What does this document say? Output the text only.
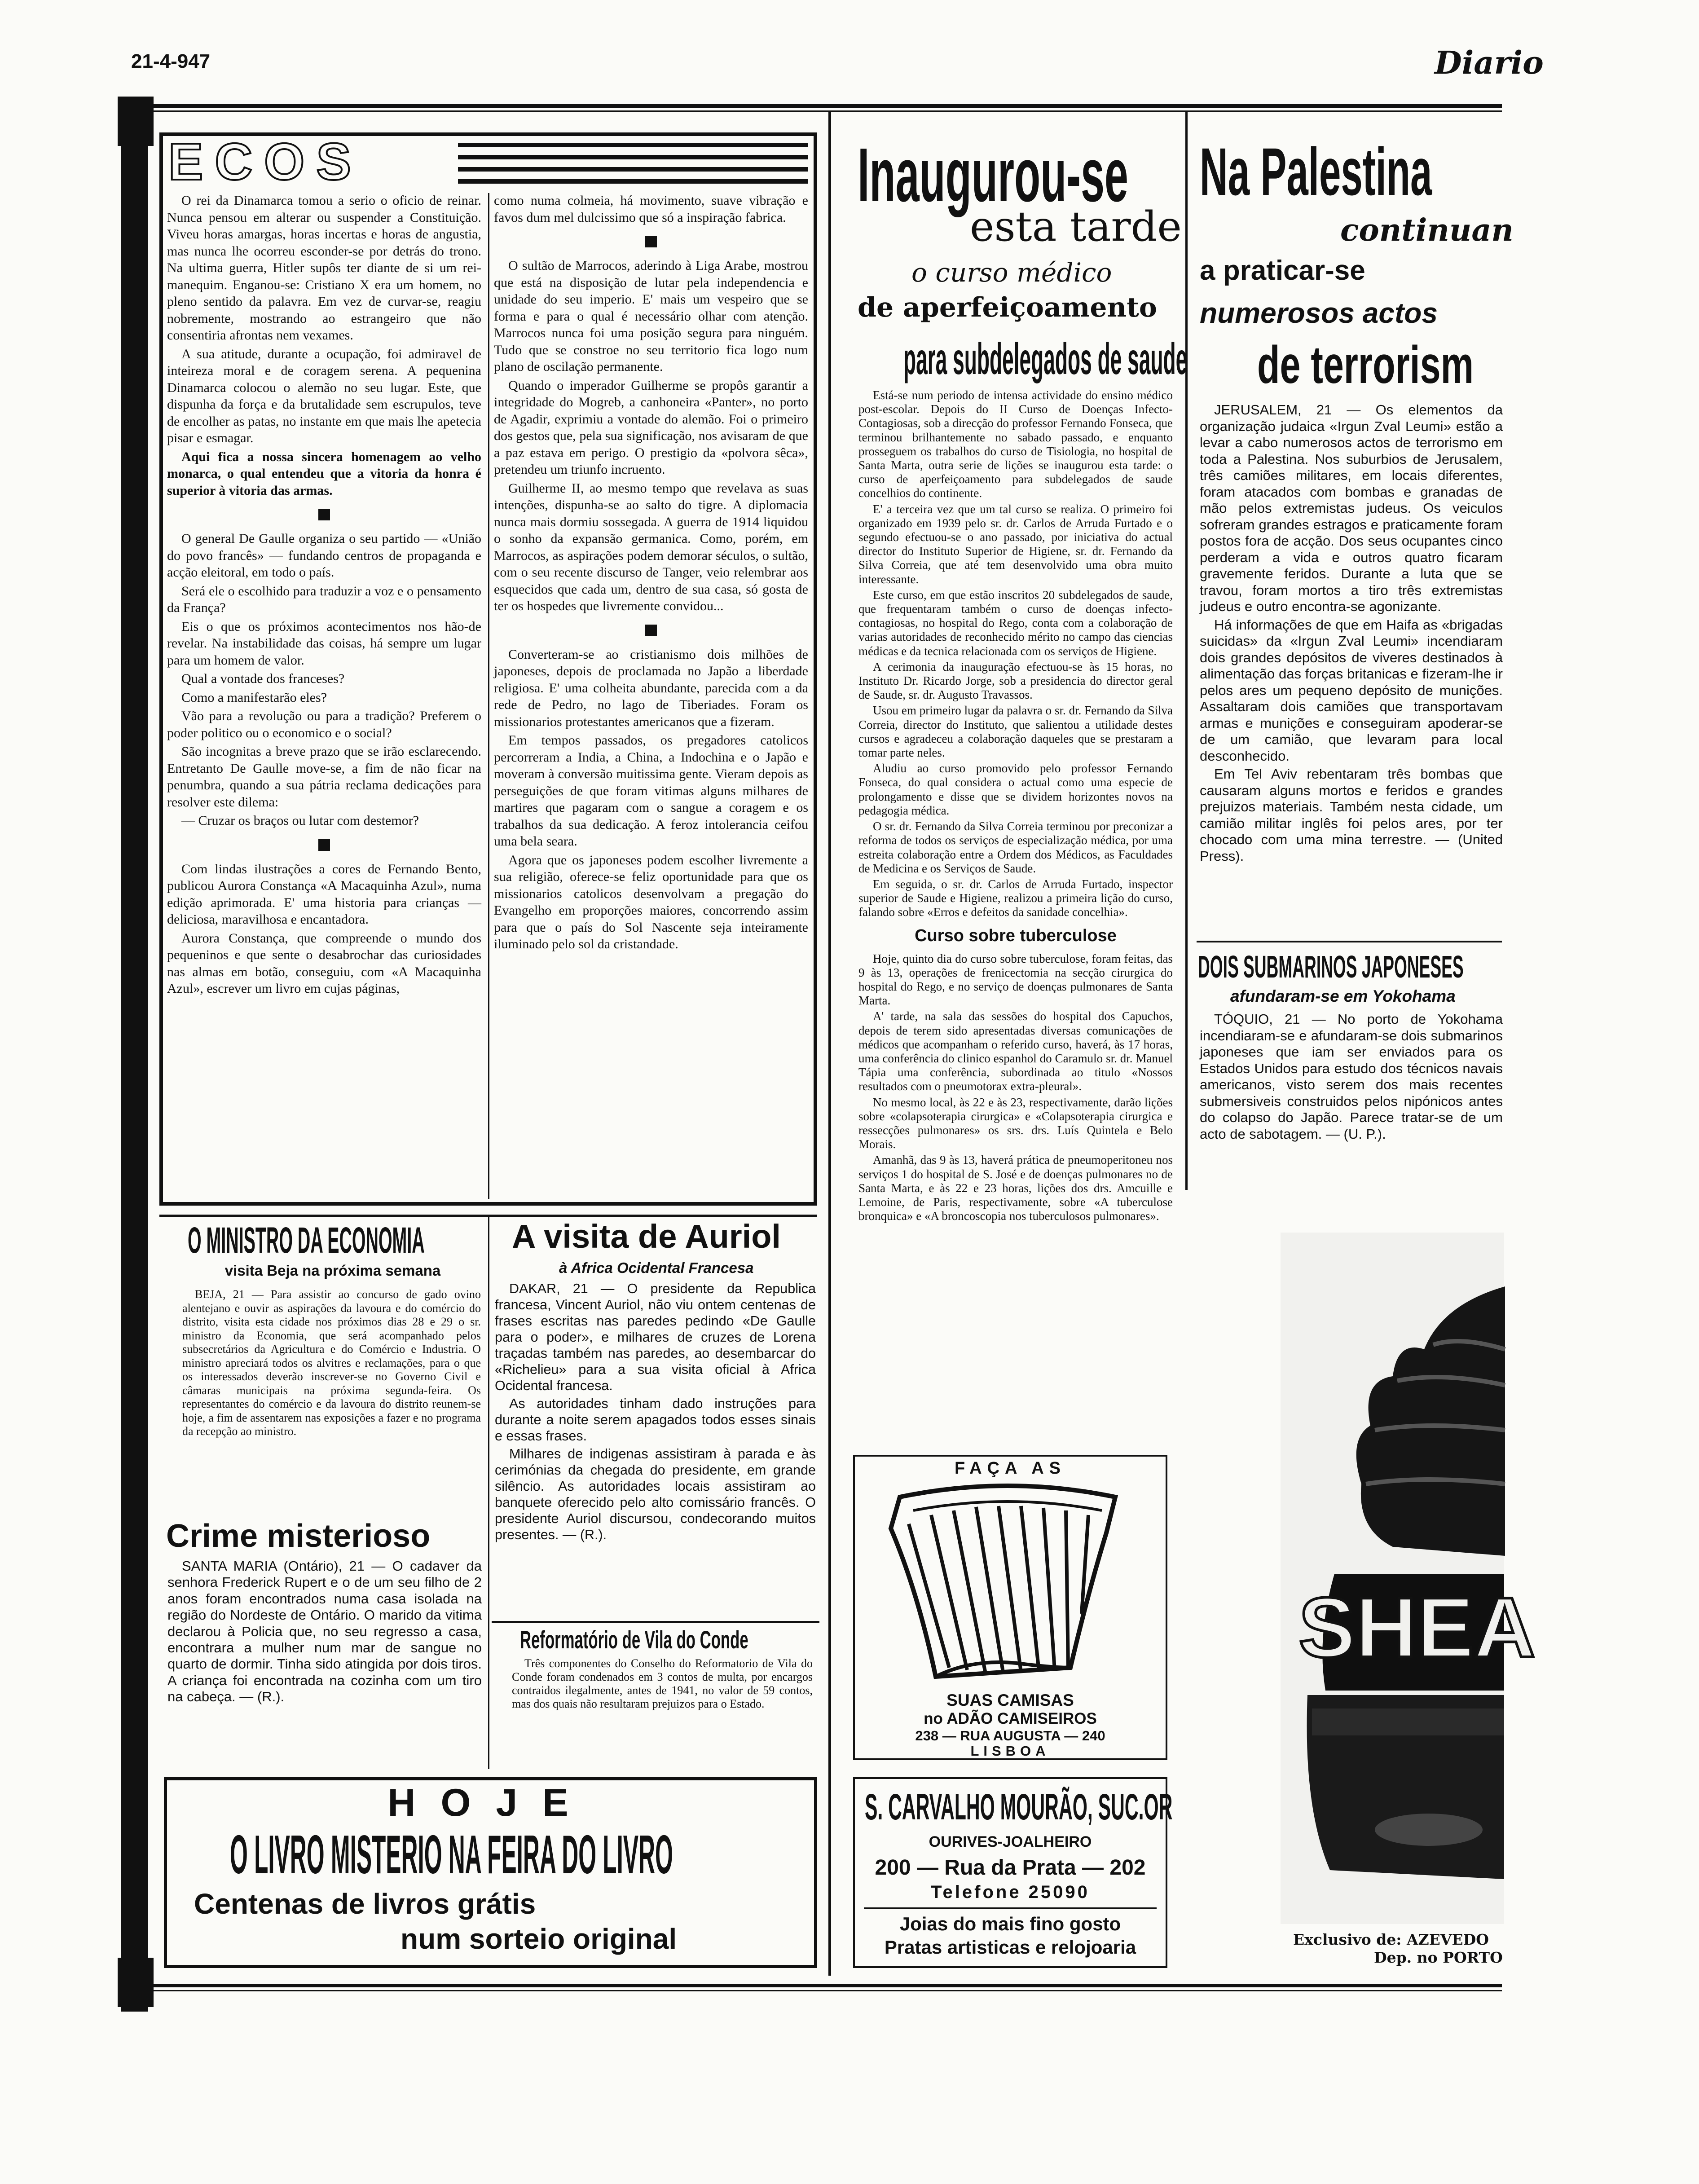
21-4-947	Diario
ECOS

O rei da Dinamarca tomou a serio o oficio de reinar. Nunca pensou em alterar ou suspender a Constituição. Viveu horas amargas, horas incertas e horas de angustia, mas nunca lhe ocorreu esconder-se por detrás do trono. Na ultima guerra, Hitler supôs ter diante de si um rei-manequim. Enganou-se: Cristiano X era um homem, no pleno sentido da palavra. Em vez de curvar-se, reagiu nobremente, mostrando ao estrangeiro que não consentiria afrontas nem vexames.

A sua atitude, durante a ocupação, foi admiravel de inteireza moral e de coragem serena. A pequenina Dinamarca colocou o alemão no seu lugar. Este, que dispunha da força e da brutalidade sem escrupulos, teve de encolher as patas, no instante em que mais lhe apetecia pisar e esmagar.

Aqui fica a nossa sincera homenagem ao velho monarca, o qual entendeu que a vitoria da honra é superior à vitoria das armas.

O general De Gaulle organiza o seu partido — «União do povo francês» — fundando centros de propaganda e acção eleitoral, em todo o país.

Será ele o escolhido para traduzir a voz e o pensamento da França?

Eis o que os próximos acontecimentos nos hão-de revelar. Na instabilidade das coisas, há sempre um lugar para um homem de valor.

Qual a vontade dos franceses?

Como a manifestarão eles?

Vão para a revolução ou para a tradição? Preferem o poder politico ou o economico e o social?

São incognitas a breve prazo que se irão esclarecendo. Entretanto De Gaulle move-se, a fim de não ficar na penumbra, quando a sua pátria reclama dedicações para resolver este dilema:

— Cruzar os braços ou lutar com destemor?

Com lindas ilustrações a cores de Fernando Bento, publicou Aurora Constança «A Macaquinha Azul», numa edição aprimorada. E' uma historia para crianças — deliciosa, maravilhosa e encantadora.

Aurora Constança, que compreende o mundo dos pequeninos e que sente o desabrochar das curiosidades nas almas em botão, conseguiu, com «A Macaquinha Azul», escrever um livro em cujas páginas,

como numa colmeia, há movimento, suave vibração e favos dum mel dulcissimo que só a inspiração fabrica.

O sultão de Marrocos, aderindo à Liga Arabe, mostrou que está na disposição de lutar pela independencia e unidade do seu imperio. E' mais um vespeiro que se forma e para o qual é necessário olhar com atenção. Marrocos nunca foi uma posição segura para ninguém. Tudo que se constroe no seu territorio fica logo num plano de oscilação permanente.

Quando o imperador Guilherme se propôs garantir a integridade do Mogreb, a canhoneira «Panter», no porto de Agadir, exprimiu a vontade do alemão. Foi o primeiro dos gestos que, pela sua significação, nos avisaram de que a paz estava em perigo. O prestigio da «polvora sêca», pretendeu um triunfo incruento.

Guilherme II, ao mesmo tempo que revelava as suas intenções, dispunha-se ao salto do tigre. A diplomacia nunca mais dormiu sossegada. A guerra de 1914 liquidou o sonho da expansão germanica. Como, porém, em Marrocos, as aspirações podem demorar séculos, o sultão, com o seu recente discurso de Tanger, veio relembrar aos esquecidos que cada um, dentro de sua casa, só gosta de ter os hospedes que livremente convidou...

Converteram-se ao cristianismo dois milhões de japoneses, depois de proclamada no Japão a liberdade religiosa. E' uma colheita abundante, parecida com a da rede de Pedro, no lago de Tiberiades. Foram os missionarios protestantes americanos que a fizeram.

Em tempos passados, os pregadores catolicos percorreram a India, a China, a Indochina e o Japão e moveram à conversão muitissima gente. Vieram depois as perseguições de que foram vitimas alguns milhares de martires que pagaram com o sangue a coragem e os trabalhos da sua dedicação. A feroz intolerancia ceifou uma bela seara.

Agora que os japoneses podem escolher livremente a sua religião, oferece-se feliz oportunidade para que os missionarios catolicos desenvolvam a pregação do Evangelho em proporções maiores, concorrendo assim para que o país do Sol Nascente seja inteiramente iluminado pelo sol da cristandade.

Inaugurou-se
esta tarde
o curso médico
de aperfeiçoamento
para subdelegados de saude

Está-se num periodo de intensa actividade do ensino médico post-escolar. Depois do II Curso de Doenças Infecto-Contagiosas, sob a direcção do professor Fernando Fonseca, que terminou brilhantemente no sabado passado, e enquanto prosseguem os trabalhos do curso de Tisiologia, no hospital de Santa Marta, outra serie de lições se inaugurou esta tarde: o curso de aperfeiçoamento para subdelegados de saude concelhios do continente.

E' a terceira vez que um tal curso se realiza. O primeiro foi organizado em 1939 pelo sr. dr. Carlos de Arruda Furtado e o segundo efectuou-se o ano passado, por iniciativa do actual director do Instituto Superior de Higiene, sr. dr. Fernando da Silva Correia, que até tem desenvolvido uma obra muito interessante.

Este curso, em que estão inscritos 20 subdelegados de saude, que frequentaram também o curso de doenças infecto-contagiosas, no hospital do Rego, conta com a colaboração de varias autoridades de reconhecido mérito no campo das ciencias médicas e da tecnica relacionada com os serviços de Higiene.

A cerimonia da inauguração efectuou-se às 15 horas, no Instituto Dr. Ricardo Jorge, sob a presidencia do director geral de Saude, sr. dr. Augusto Travassos.

Usou em primeiro lugar da palavra o sr. dr. Fernando da Silva Correia, director do Instituto, que salientou a utilidade destes cursos e agradeceu a colaboração daqueles que se prestaram a tomar parte neles.

Aludiu ao curso promovido pelo professor Fernando Fonseca, do qual considera o actual como uma especie de prolongamento e disse que se dividem horizontes novos na pedagogia médica.

O sr. dr. Fernando da Silva Correia terminou por preconizar a reforma de todos os serviços de especialização médica, por uma estreita colaboração entre a Ordem dos Médicos, as Faculdades de Medicina e os Serviços de Saude.

Em seguida, o sr. dr. Carlos de Arruda Furtado, inspector superior de Saude e Higiene, realizou a primeira lição do curso, falando sobre «Erros e defeitos da sanidade concelhia».

Curso sobre tuberculose

Hoje, quinto dia do curso sobre tuberculose, foram feitas, das 9 às 13, operações de frenicectomia na secção cirurgica do hospital do Rego, e no serviço de doenças pulmonares de Santa Marta.

A' tarde, na sala das sessões do hospital dos Capuchos, depois de terem sido apresentadas diversas comunicações de médicos que acompanham o referido curso, haverá, às 17 horas, uma conferência do clinico espanhol do Caramulo sr. dr. Manuel Tápia uma conferência, subordinada ao titulo «Nossos resultados com o pneumotorax extra-pleural».

No mesmo local, às 22 e às 23, respectivamente, darão lições sobre «colapsoterapia cirurgica» e «Colapsoterapia cirurgica e ressecções pulmonares» os srs. drs. Luís Quintela e Belo Morais.

Amanhã, das 9 às 13, haverá prática de pneumoperitoneu nos serviços 1 do hospital de S. José e de doenças pulmonares no de Santa Marta, e às 22 e 23 horas, lições dos drs. Amcuille e Lemoine, de Paris, respectivamente, sobre «A tuberculose bronquica» e «A broncoscopia nos tuberculosos pulmonares».

Na Palestina
continuan
a praticar-se
numerosos actos
de terrorism

JERUSALEM, 21 — Os elementos da organização judaica «Irgun Zval Leumi» estão a levar a cabo numerosos actos de terrorismo em toda a Palestina. Nos suburbios de Jerusalem, três camiões militares, em locais diferentes, foram atacados com bombas e granadas de mão pelos extremistas judeus. Os veiculos sofreram grandes estragos e praticamente foram postos fora de acção. Dos seus ocupantes cinco perderam a vida e outros quatro ficaram gravemente feridos. Durante a luta que se travou, foram mortos a tiro três extremistas judeus e outro encontra-se agonizante.

Há informações de que em Haifa as «brigadas suicidas» da «Irgun Zval Leumi» incendiaram dois grandes depósitos de viveres destinados à alimentação das forças britanicas e fizeram-lhe ir pelos ares um pequeno depósito de munições. Assaltaram dois camiões que transportavam armas e munições e conseguiram apoderar-se de um camião, que levaram para local desconhecido.

Em Tel Aviv rebentaram três bombas que causaram alguns mortos e feridos e grandes prejuizos materiais. Também nesta cidade, um camião militar inglês foi pelos ares, por ter chocado com uma mina terrestre. — (United Press).

DOIS SUBMARINOS JAPONESES
afundaram-se em Yokohama
TÓQUIO, 21 — No porto de Yokohama incendiaram-se e afundaram-se dois submarinos japoneses que iam ser enviados para os Estados Unidos para estudo dos técnicos navais americanos, visto serem dos mais recentes submersiveis construidos pelos nipónicos antes do colapso do Japão. Parece tratar-se de um acto de sabotagem. — (U. P.).
O MINISTRO DA ECONOMIA
visita Beja na próxima semana
BEJA, 21 — Para assistir ao concurso de gado ovino alentejano e ouvir as aspirações da lavoura e do comércio do distrito, visita esta cidade nos próximos dias 28 e 29 o sr. ministro da Economia, que será acompanhado pelos subsecretários da Agricultura e do Comércio e Industria. O ministro apreciará todos os alvitres e reclamações, para o que os interessados deverão inscrever-se no Governo Civil e câmaras municipais na próxima segunda-feira. Os representantes do comércio e da lavoura do distrito reunem-se hoje, a fim de assentarem nas exposições a fazer e no programa da recepção ao ministro.
Crime misterioso
SANTA MARIA (Ontário), 21 — O cadaver da senhora Frederick Rupert e o de um seu filho de 2 anos foram encontrados numa casa isolada na região do Nordeste de Ontário. O marido da vitima declarou à Policia que, no seu regresso a casa, encontrara a mulher num mar de sangue no quarto de dormir. Tinha sido atingida por dois tiros. A criança foi encontrada na cozinha com um tiro na cabeça. — (R.).
A visita de Auriol
à Africa Ocidental Francesa

DAKAR, 21 — O presidente da Republica francesa, Vincent Auriol, não viu ontem centenas de frases escritas nas paredes pedindo «De Gaulle para o poder», e milhares de cruzes de Lorena traçadas também nas paredes, ao desembarcar do «Richelieu» para a sua visita oficial à Africa Ocidental francesa.

As autoridades tinham dado instruções para durante a noite serem apagados todos esses sinais e essas frases.

Milhares de indigenas assistiram à parada e às cerimónias da chegada do presidente, em grande silêncio. As autoridades locais assistiram ao banquete oferecido pelo alto comissário francês. O presidente Auriol discursou, condecorando muitos presentes. — (R.).

Reformatório de Vila do Conde
Três componentes do Conselho do Reformatorio de Vila do Conde foram condenados em 3 contos de multa, por encargos contraidos ilegalmente, antes de 1941, no valor de 59 contos, mas dos quais não resultaram prejuizos para o Estado.
HOJE
O LIVRO MISTERIO NA FEIRA DO LIVRO
Centenas de livros grátis
num sorteio original
FAÇA AS
SUAS CAMISAS
no ADÃO CAMISEIROS
238 — RUA AUGUSTA — 240
LISBOA
S. CARVALHO MOURÃO, SUC.OR
OURIVES-JOALHEIRO
200 — Rua da Prata — 202
Telefone 25090
Joias do mais fino gosto
Pratas artisticas e relojoaria
SHEA
Exclusivo de: AZEVEDO
Dep. no PORTO
